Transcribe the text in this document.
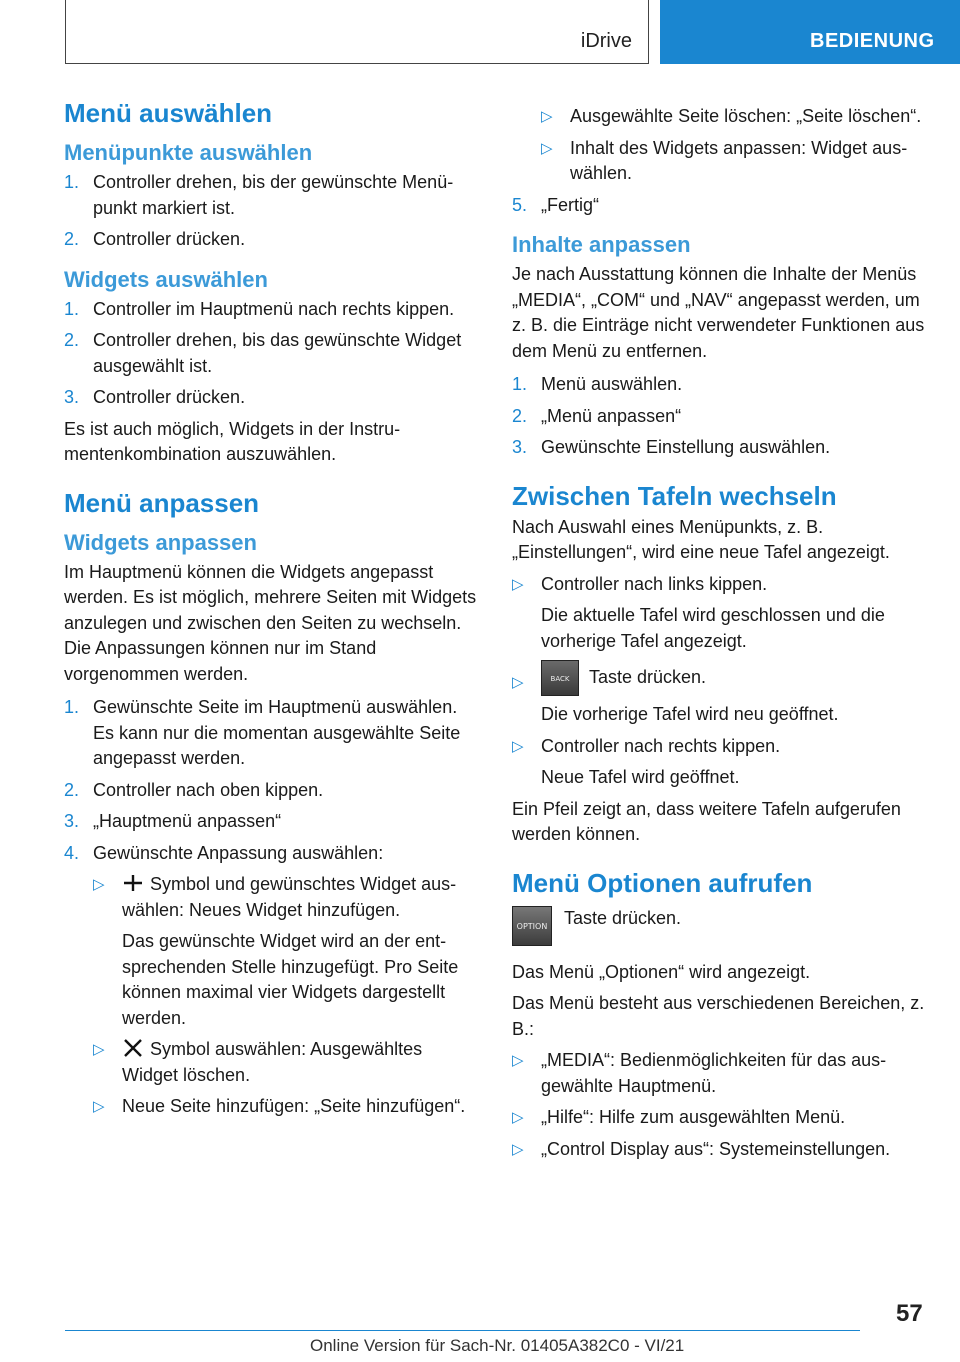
iDrive	BEDIENUNG
Menü auswählen
Menüpunkte auswählen
1. Controller drehen, bis der gewünschte Menüpunkt markiert ist.
2. Controller drücken.
Widgets auswählen
1. Controller im Hauptmenü nach rechts kippen.
2. Controller drehen, bis das gewünschte Widget ausgewählt ist.
3. Controller drücken.

Es ist auch möglich, Widgets in der Instrumentenkombination auszuwählen.

Menü anpassen
Widgets anpassen

Im Hauptmenü können die Widgets angepasst werden. Es ist möglich, mehrere Seiten mit Widgets anzulegen und zwischen den Seiten zu wechseln. Die Anpassungen können nur im Stand vorgenommen werden.

1. Gewünschte Seite im Hauptmenü auswählen.
Es kann nur die momentan ausgewählte Seite angepasst werden.
2. Controller nach oben kippen.
3. „Hauptmenü anpassen“
4. Gewünschte Anpassung auswählen:
▷	Symbol und gewünschtes Widget auswählen: Neues Widget hinzufügen.
Das gewünschte Widget wird an der entsprechenden Stelle hinzugefügt. Pro Seite können maximal vier Widgets dargestellt werden.
▷	Symbol auswählen: Ausgewähltes Widget löschen.
▷ Neue Seite hinzufügen: „Seite hinzufügen“.
▷ Ausgewählte Seite löschen: „Seite löschen“.
▷ Inhalt des Widgets anpassen: Widget auswählen.
5. „Fertig“
Inhalte anpassen

Je nach Ausstattung können die Inhalte der Menüs „MEDIA“, „COM“ und „NAV“ angepasst werden, um z. B. die Einträge nicht verwendeter Funktionen aus dem Menü zu entfernen.

1. Menü auswählen.
2. „Menü anpassen“
3. Gewünschte Einstellung auswählen.
Zwischen Tafeln wechseln

Nach Auswahl eines Menüpunkts, z. B. „Einstellungen“, wird eine neue Tafel angezeigt.

▷ Controller nach links kippen.
Die aktuelle Tafel wird geschlossen und die vorherige Tafel angezeigt.
▷	BACK Taste drücken.
Die vorherige Tafel wird neu geöffnet.
▷ Controller nach rechts kippen.
Neue Tafel wird geöffnet.

Ein Pfeil zeigt an, dass weitere Tafeln aufgerufen werden können.

Menü Optionen aufrufen
OPTION Taste drücken.

Das Menü „Optionen“ wird angezeigt.

Das Menü besteht aus verschiedenen Bereichen, z. B.:

▷ „MEDIA“: Bedienmöglichkeiten für das ausgewählte Hauptmenü.
▷ „Hilfe“: Hilfe zum ausgewählten Menü.
▷ „Control Display aus“: Systemeinstellungen.
57
Online Version für Sach-Nr. 01405A382C0 - VI/21
